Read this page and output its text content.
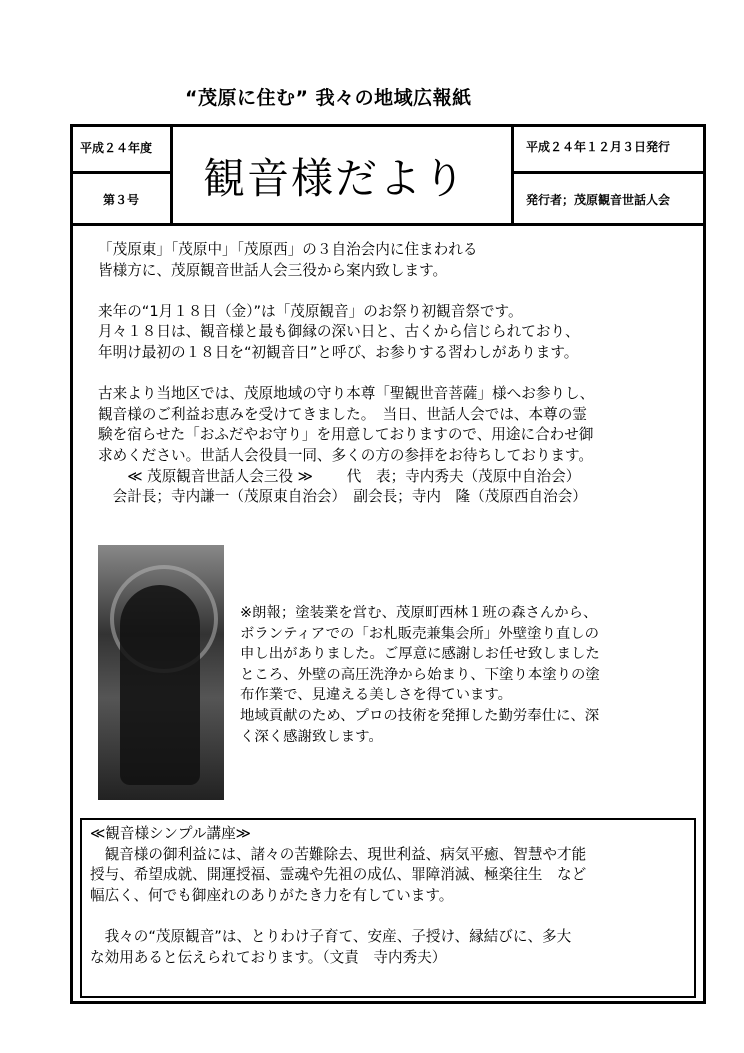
“茂原に住む” 我々の地域広報紙
平成２４年度
第３号 観音様だより
平成２４年１２月３日発行
発行者；茂原観音世話人会
「茂原東」「茂原中」「茂原西」の３自治会内に住まわれる
皆様方に、茂原観音世話人会三役から案内致します。
来年の“1月１８日（金）”は「茂原観音」のお祭り初観音祭です。
月々１８日は、観音様と最も御縁の深い日と、古くから信じられており、
年明け最初の１８日を“初観音日”と呼び、お参りする習わしがあります。
古来より当地区では、茂原地域の守り本尊「聖観世音菩薩」様へお参りし、
観音様のご利益お恵みを受けてきました。　当日、世話人会では、本尊の霊
験を宿らせた「おふだやお守り」を用意しておりますので、用途に合わせ御
求めください。世話人会役員一同、多くの方の参拝をお待ちしております。
　　≪ 茂原観音世話人会三役 ≫　　 代　表；寺内秀夫（茂原中自治会）
　会計長；寺内謙一（茂原東自治会）　副会長；寺内　隆（茂原西自治会）
※朗報；塗装業を営む、茂原町西林１班の森さんから、
ボランティアでの「お札販売兼集会所」外壁塗り直しの
申し出がありました。ご厚意に感謝しお任せ致しました
ところ、外壁の高圧洗浄から始まり、下塗り本塗りの塗
布作業で、見違える美しさを得ています。
地域貢献のため、プロの技術を発揮した勤労奉仕に、深
く深く感謝致します。
≪観音様シンプル講座≫
　観音様の御利益には、諸々の苦難除去、現世利益、病気平癒、智慧や才能
授与、希望成就、開運授福、霊魂や先祖の成仏、罪障消滅、極楽往生　など
幅広く、何でも御座れのありがたき力を有しています。
　我々の“茂原観音”は、とりわけ子育て、安産、子授け、縁結びに、多大
な効用あると伝えられております。（文責　寺内秀夫）
